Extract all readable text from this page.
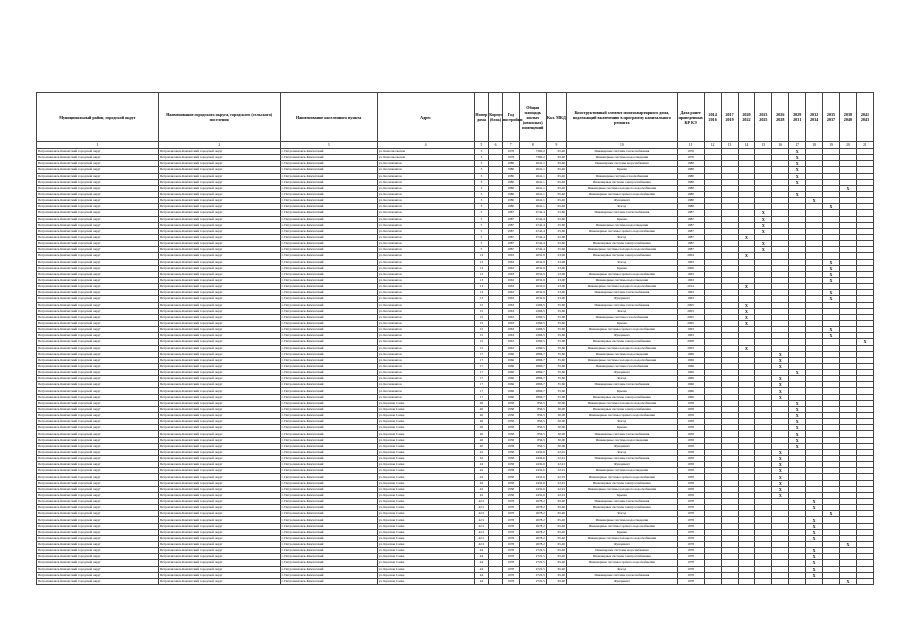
Муниципальный район, городской округ	Наименование городского округа, городского (сельского) поселения	Наименование населенного пункта	Адрес	Номер дома	Корпус (блок)	Год постройки	Общая площадь жилых (нежилых) помещений	Кол. МКД	Конструктивный элемент многоквартирного дома, подлежащий включению в программу капитального ремонта	Дата ранее проведенных КР КЭ	2014 2016	2017 2019	2020 2022	2023 2025	2026 2028	2029 2031	2032 2034	2035 2037	2038 2040	2041 2043
1	2	3	4	5	6	7	8	9	10	11	12	13	14	15	16	17	18	19	20	21
Петропавловск-Камчатский городской округ	Петропавловск-Камчатский городской округ	г. Петропавловск-Камчатский	ул. Комсомольская	3		1978	7360,2	65,40	Инженерные системы теплоснабжения	1976						X				
Петропавловск-Камчатский городской округ	Петропавловск-Камчатский городской округ	г. Петропавловск-Камчатский	ул. Комсомольская	3		1978	7360,2	65,40	Инженерные системы водоотведения	1976						X				
Петропавловск-Камчатский городской округ	Петропавловск-Камчатский городской округ	г. Петропавловск-Камчатский	ул. Космонавтов	3		1980	2641,1	65,40	Инженерные системы водоснабжения	1980						X				
Петропавловск-Камчатский городской округ	Петропавловск-Камчатский городской округ	г. Петропавловск-Камчатский	ул. Космонавтов	3		1980	2641,1	65,40	Крыша	1980						X				
Петропавловск-Камчатский городской округ	Петропавловск-Камчатский городской округ	г. Петропавловск-Камчатский	ул. Космонавтов	3		1980	2641,1	65,40	Инженерные системы газоснабжения	1980						X				
Петропавловск-Камчатский городской округ	Петропавловск-Камчатский городской округ	г. Петропавловск-Камчатский	ул. Космонавтов	3		1980	2641,1	65,40	Инженерные системы электроснабжения	1980						X				
Петропавловск-Камчатский городской округ	Петропавловск-Камчатский городской округ	г. Петропавловск-Камчатский	ул. Космонавтов	3		1980	2641,1	65,40	Инженерные системы холодного водоснабжения	1980									X	
Петропавловск-Камчатский городской округ	Петропавловск-Камчатский городской округ	г. Петропавловск-Камчатский	ул. Космонавтов	3		1980	2641,1	65,40	Инженерные системы горячего водоснабжения	1980						X				
Петропавловск-Камчатский городской округ	Петропавловск-Камчатский городской округ	г. Петропавловск-Камчатский	ул. Космонавтов	3		1980	2641,1	65,40	Фундамент	1980							X			
Петропавловск-Камчатский городской округ	Петропавловск-Камчатский городской округ	г. Петропавловск-Камчатский	ул. Космонавтов	3		1980	2641,1	65,40	Фасад	1980								X		
Петропавловск-Камчатский городской округ	Петропавловск-Камчатский городской округ	г. Петропавловск-Камчатский	ул. Космонавтов	5		1987	4742,4	25,60	Инженерные системы теплоснабжения	1987				X						
Петропавловск-Камчатский городской округ	Петропавловск-Камчатский городской округ	г. Петропавловск-Камчатский	ул. Космонавтов	5		1987	4742,4	25,60	Крыша	1987				X						
Петропавловск-Камчатский городской округ	Петропавловск-Камчатский городской округ	г. Петропавловск-Камчатский	ул. Космонавтов	5		1987	4742,4	25,60	Инженерные системы водоотведения	1987				X						
Петропавловск-Камчатский городской округ	Петропавловск-Камчатский городской округ	г. Петропавловск-Камчатский	ул. Космонавтов	5		1987	4742,4	25,60	Инженерные системы горячего водоснабжения	1987				X						
Петропавловск-Камчатский городской округ	Петропавловск-Камчатский городской округ	г. Петропавловск-Камчатский	ул. Космонавтов	5		1987	4742,4	25,60	Фасад	1987			X							
Петропавловск-Камчатский городской округ	Петропавловск-Камчатский городской округ	г. Петропавловск-Камчатский	ул. Космонавтов	5		1987	4742,4	25,60	Инженерные системы электроснабжения	1987				X						
Петропавловск-Камчатский городской округ	Петропавловск-Камчатский городской округ	г. Петропавловск-Камчатский	ул. Космонавтов	5		1987	4742,4	25,60	Инженерные системы холодного водоснабжения	1987				X						
Петропавловск-Камчатский городской округ	Петропавловск-Камчатский городской округ	г. Петропавловск-Камчатский	ул. Космонавтов	13		1963	2032,9	23,00	Инженерные системы электроснабжения	2004			X							
Петропавловск-Камчатский городской округ	Петропавловск-Камчатский городской округ	г. Петропавловск-Камчатский	ул. Космонавтов	13		1963	2032,9	23,00	Фасад	1963								X		
Петропавловск-Камчатский городской округ	Петропавловск-Камчатский городской округ	г. Петропавловск-Камчатский	ул. Космонавтов	13		1963	2032,9	23,00	Крыша	2000								X		
Петропавловск-Камчатский городской округ	Петропавловск-Камчатский городской округ	г. Петропавловск-Камчатский	ул. Космонавтов	13		1963	2032,9	23,00	Инженерные системы горячего водоснабжения	1963								X		
Петропавловск-Камчатский городской округ	Петропавловск-Камчатский городской округ	г. Петропавловск-Камчатский	ул. Космонавтов	13		1963	2032,9	23,00	Инженерные системы водоотведения	1963								X		
Петропавловск-Камчатский городской округ	Петропавловск-Камчатский городской округ	г. Петропавловск-Камчатский	ул. Космонавтов	13		1963	2032,9	23,00	Инженерные системы холодного водоснабжения	2014			X							
Петропавловск-Камчатский городской округ	Петропавловск-Камчатский городской округ	г. Петропавловск-Камчатский	ул. Космонавтов	13		1963	2032,9	23,00	Инженерные системы теплоснабжения	1963								X		
Петропавловск-Камчатский городской округ	Петропавловск-Камчатский городской округ	г. Петропавловск-Камчатский	ул. Космонавтов	13		1963	2032,9	23,00	Фундамент	1963								X		
Петропавловск-Камчатский городской округ	Петропавловск-Камчатский городской округ	г. Петропавловск-Камчатский	ул. Космонавтов	15		1963	2266,5	35,60	Инженерные системы теплоснабжения	2005			X							
Петропавловск-Камчатский городской округ	Петропавловск-Камчатский городской округ	г. Петропавловск-Камчатский	ул. Космонавтов	15		1963	2266,5	35,60	Фасад	2003			X							
Петропавловск-Камчатский городской округ	Петропавловск-Камчатский городской округ	г. Петропавловск-Камчатский	ул. Космонавтов	15		1963	2266,5	35,60	Инженерные системы газоснабжения	2005			X							
Петропавловск-Камчатский городской округ	Петропавловск-Камчатский городской округ	г. Петропавловск-Камчатский	ул. Космонавтов	15		1963	2266,5	35,60	Крыша	2005			X							
Петропавловск-Камчатский городской округ	Петропавловск-Камчатский городской округ	г. Петропавловск-Камчатский	ул. Космонавтов	15		1963	2266,5	35,60	Инженерные системы горячего водоснабжения	1963								X		
Петропавловск-Камчатский городской округ	Петропавловск-Камчатский городской округ	г. Петропавловск-Камчатский	ул. Космонавтов	15		1963	2266,5	35,60	Фундамент	1963								X		
Петропавловск-Камчатский городской округ	Петропавловск-Камчатский городской округ	г. Петропавловск-Камчатский	ул. Космонавтов	15		1963	2266,5	35,60	Инженерные системы электроснабжения	2008										X
Петропавловск-Камчатский городской округ	Петропавловск-Камчатский городской округ	г. Петропавловск-Камчатский	ул. Космонавтов	15		1963	2266,5	35,60	Инженерные системы холодного водоснабжения	2003			X							
Петропавловск-Камчатский городской округ	Петропавловск-Камчатский городской округ	г. Петропавловск-Камчатский	ул. Космонавтов	17		1966	2866,7	35,60	Инженерные системы водоотведения	1966					X					
Петропавловск-Камчатский городской округ	Петропавловск-Камчатский городской округ	г. Петропавловск-Камчатский	ул. Космонавтов	17		1966	2866,7	35,60	Инженерные системы холодного водоснабжения	1966					X					
Петропавловск-Камчатский городской округ	Петропавловск-Камчатский городской округ	г. Петропавловск-Камчатский	ул. Космонавтов	17		1966	2866,7	35,60	Инженерные системы газоснабжения	1966					X					
Петропавловск-Камчатский городской округ	Петропавловск-Камчатский городской округ	г. Петропавловск-Камчатский	ул. Космонавтов	17		1966	2866,7	35,60	Фундамент	1966						X				
Петропавловск-Камчатский городской округ	Петропавловск-Камчатский городской округ	г. Петропавловск-Камчатский	ул. Космонавтов	17		1966	2866,7	35,60	Фасад	1966					X					
Петропавловск-Камчатский городской округ	Петропавловск-Камчатский городской округ	г. Петропавловск-Камчатский	ул. Космонавтов	17		1966	2866,7	35,60	Инженерные системы теплоснабжения	1966					X					
Петропавловск-Камчатский городской округ	Петропавловск-Камчатский городской округ	г. Петропавловск-Камчатский	ул. Космонавтов	17		1966	2866,7	35,60	Крыша	1966					X					
Петропавловск-Камчатский городской округ	Петропавловск-Камчатский городской округ	г. Петропавловск-Камчатский	ул. Космонавтов	17		1966	2866,7	35,60	Инженерные системы электроснабжения	1966					X					
Петропавловск-Камчатский городской округ	Петропавловск-Камчатский городской округ	г. Петропавловск-Камчатский	ул. Красная Сопка	40		1958	856,5	30,00	Инженерные системы холодного водоснабжения	1958						X				
Петропавловск-Камчатский городской округ	Петропавловск-Камчатский городской округ	г. Петропавловск-Камчатский	ул. Красная Сопка	40		1958	856,5	30,00	Инженерные системы электроснабжения	1958						X				
Петропавловск-Камчатский городской округ	Петропавловск-Камчатский городской округ	г. Петропавловск-Камчатский	ул. Красная Сопка	40		1958	856,5	30,00	Инженерные системы горячего водоснабжения	1958						X				
Петропавловск-Камчатский городской округ	Петропавловск-Камчатский городской округ	г. Петропавловск-Камчатский	ул. Красная Сопка	40		1958	856,5	30,00	Фасад	1958						X				
Петропавловск-Камчатский городской округ	Петропавловск-Камчатский городской округ	г. Петропавловск-Камчатский	ул. Красная Сопка	40		1958	856,5	30,00	Крыша	1958						X				
Петропавловск-Камчатский городской округ	Петропавловск-Камчатский городской округ	г. Петропавловск-Камчатский	ул. Красная Сопка	40		1958	856,5	30,00	Инженерные системы теплоснабжения	1958						X				
Петропавловск-Камчатский городской округ	Петропавловск-Камчатский городской округ	г. Петропавловск-Камчатский	ул. Красная Сопка	40		1958	856,5	30,00	Инженерные системы водоотведения	1958						X				
Петропавловск-Камчатский городской округ	Петропавловск-Камчатский городской округ	г. Петропавловск-Камчатский	ул. Красная Сопка	40		1958	856,5	30,00	Фундамент	1958						X				
Петропавловск-Камчатский городской округ	Петропавловск-Камчатский городской округ	г. Петропавловск-Камчатский	ул. Красная Сопка	42		1958	2432,6	22,91	Фасад	1958					X					
Петропавловск-Камчатский городской округ	Петропавловск-Камчатский городской округ	г. Петропавловск-Камчатский	ул. Красная Сопка	42		1958	2432,6	22,91	Инженерные системы теплоснабжения	1958					X					
Петропавловск-Камчатский городской округ	Петропавловск-Камчатский городской округ	г. Петропавловск-Камчатский	ул. Красная Сопка	42		1958	2432,6	22,91	Фундамент	1958					X					
Петропавловск-Камчатский городской округ	Петропавловск-Камчатский городской округ	г. Петропавловск-Камчатский	ул. Красная Сопка	42		1958	2432,6	22,91	Инженерные системы водоотведения	1958					X					
Петропавловск-Камчатский городской округ	Петропавловск-Камчатский городской округ	г. Петропавловск-Камчатский	ул. Красная Сопка	42		1958	2432,6	22,91	Инженерные системы горячего водоснабжения	1958					X					
Петропавловск-Камчатский городской округ	Петропавловск-Камчатский городской округ	г. Петропавловск-Камчатский	ул. Красная Сопка	42		1958	2432,6	22,91	Инженерные системы электроснабжения	1958					X					
Петропавловск-Камчатский городской округ	Петропавловск-Камчатский городской округ	г. Петропавловск-Камчатский	ул. Красная Сопка	42		1958	2432,6	22,91	Инженерные системы холодного водоснабжения	1958					X					
Петропавловск-Камчатский городской округ	Петропавловск-Камчатский городской округ	г. Петропавловск-Камчатский	ул. Красная Сопка	42		1958	2432,6	22,91	Крыша	1958					X					
Петропавловск-Камчатский городской округ	Петропавловск-Камчатский городской округ	г. Петропавловск-Камчатский	ул. Красная Сопка	42/1		1978	2678,2	65,40	Инженерные системы теплоснабжения	1978							X			
Петропавловск-Камчатский городской округ	Петропавловск-Камчатский городской округ	г. Петропавловск-Камчатский	ул. Красная Сопка	42/1		1978	2678,2	65,40	Инженерные системы электроснабжения	1978							X			
Петропавловск-Камчатский городской округ	Петропавловск-Камчатский городской округ	г. Петропавловск-Камчатский	ул. Красная Сопка	42/1		1978	2678,2	65,40	Фасад	1978								X		
Петропавловск-Камчатский городской округ	Петропавловск-Камчатский городской округ	г. Петропавловск-Камчатский	ул. Красная Сопка	42/1		1978	2678,2	65,40	Инженерные системы водоотведения	1978							X			
Петропавловск-Камчатский городской округ	Петропавловск-Камчатский городской округ	г. Петропавловск-Камчатский	ул. Красная Сопка	42/1		1978	2678,2	65,40	Инженерные системы горячего водоснабжения	1978							X			
Петропавловск-Камчатский городской округ	Петропавловск-Камчатский городской округ	г. Петропавловск-Камчатский	ул. Красная Сопка	42/1		1978	2678,2	65,40	Крыша	1978							X			
Петропавловск-Камчатский городской округ	Петропавловск-Камчатский городской округ	г. Петропавловск-Камчатский	ул. Красная Сопка	42/1		1978	2678,2	65,40	Инженерные системы холодного водоснабжения	1978							X			
Петропавловск-Камчатский городской округ	Петропавловск-Камчатский городской округ	г. Петропавловск-Камчатский	ул. Красная Сопка	42/1		1978	2678,2	65,40	Фундамент	1978									X	
Петропавловск-Камчатский городской округ	Петропавловск-Камчатский городской округ	г. Петропавловск-Камчатский	ул. Красная Сопка	44		1978	2722,5	65,40	Инженерные системы водоснабжения	1978							X			
Петропавловск-Камчатский городской округ	Петропавловск-Камчатский городской округ	г. Петропавловск-Камчатский	ул. Красная Сопка	44		1978	2722,5	65,40	Инженерные системы электроснабжения	1978							X			
Петропавловск-Камчатский городской округ	Петропавловск-Камчатский городской округ	г. Петропавловск-Камчатский	ул. Красная Сопка	44		1978	2722,5	65,40	Инженерные системы горячего водоснабжения	1978							X			
Петропавловск-Камчатский городской округ	Петропавловск-Камчатский городской округ	г. Петропавловск-Камчатский	ул. Красная Сопка	44		1978	2722,5	65,40	Фасад	1978							X			
Петропавловск-Камчатский городской округ	Петропавловск-Камчатский городской округ	г. Петропавловск-Камчатский	ул. Красная Сопка	44		1978	2722,5	65,40	Инженерные системы теплоснабжения	1978							X			
Петропавловск-Камчатский городской округ	Петропавловск-Камчатский городской округ	г. Петропавловск-Камчатский	ул. Красная Сопка	44		1978	2722,5	65,40	Фундамент	1978									X	
